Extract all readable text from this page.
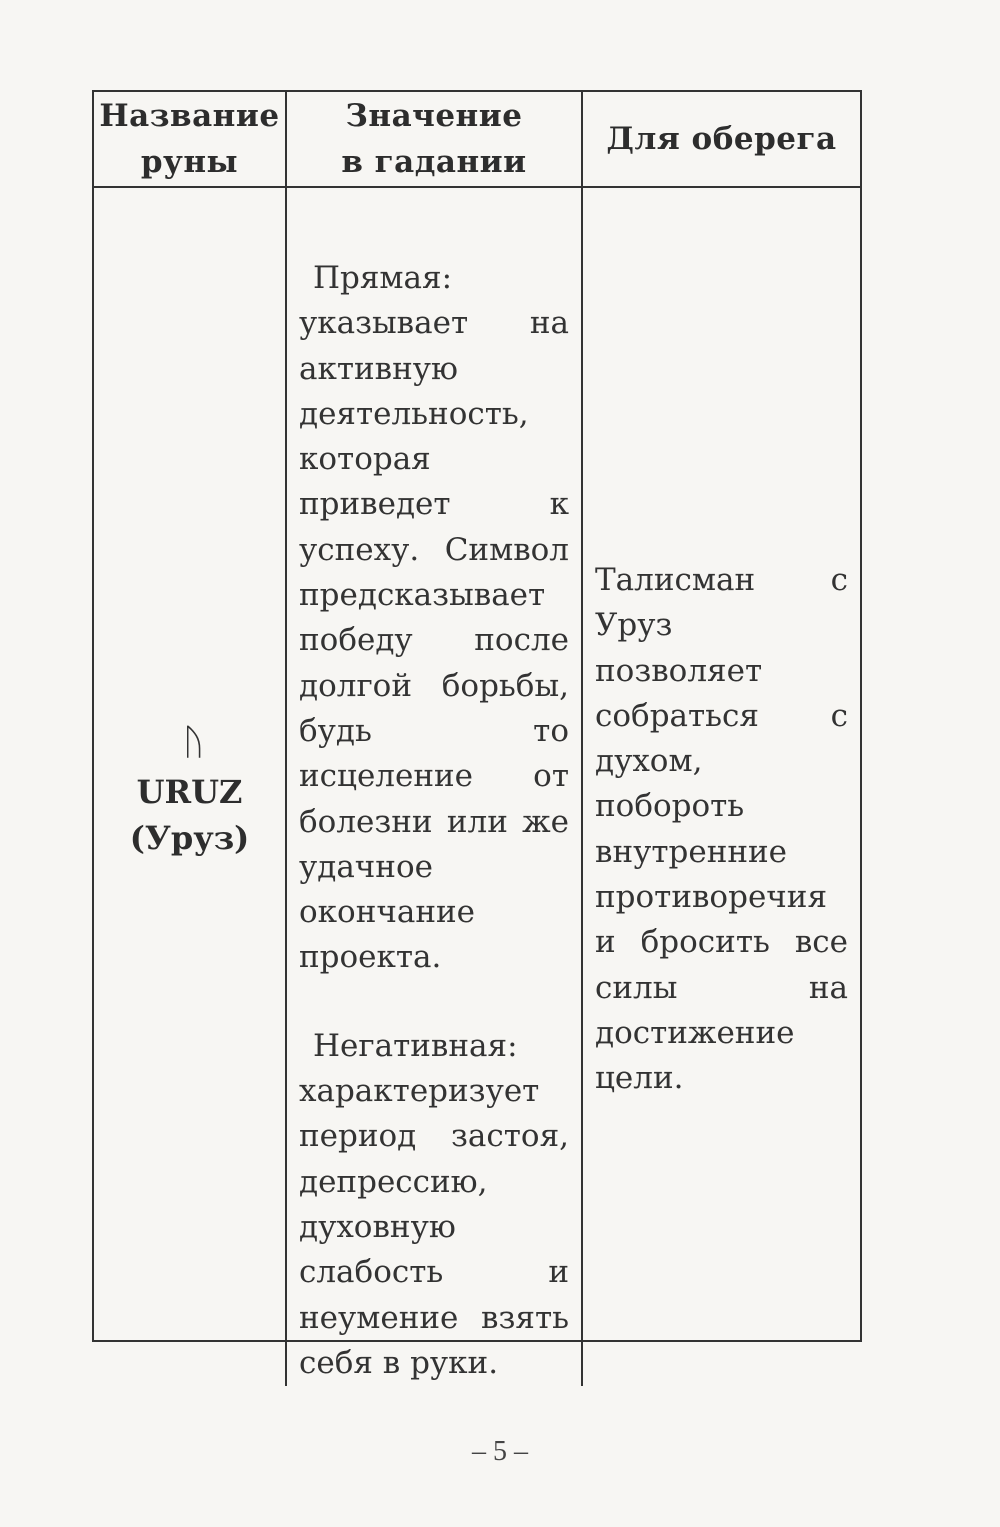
Название
руны
Значение
в гадании
Для оберега
ᚢ
URUZ
(Уруз)
Прямая:

указывает на активную деятельность, которая приведет к успеху. Символ предсказывает победу после долгой борьбы, будь то исцеление от болезни или же удачное окончание проекта.

Негативная:

характеризует период застоя, депрессию, духовную слабость и неумение взять себя в руки.

Талисман с Уруз позволяет собраться с духом, побороть внутренние противоречия и бросить все силы на достижение цели.

– 5 –
